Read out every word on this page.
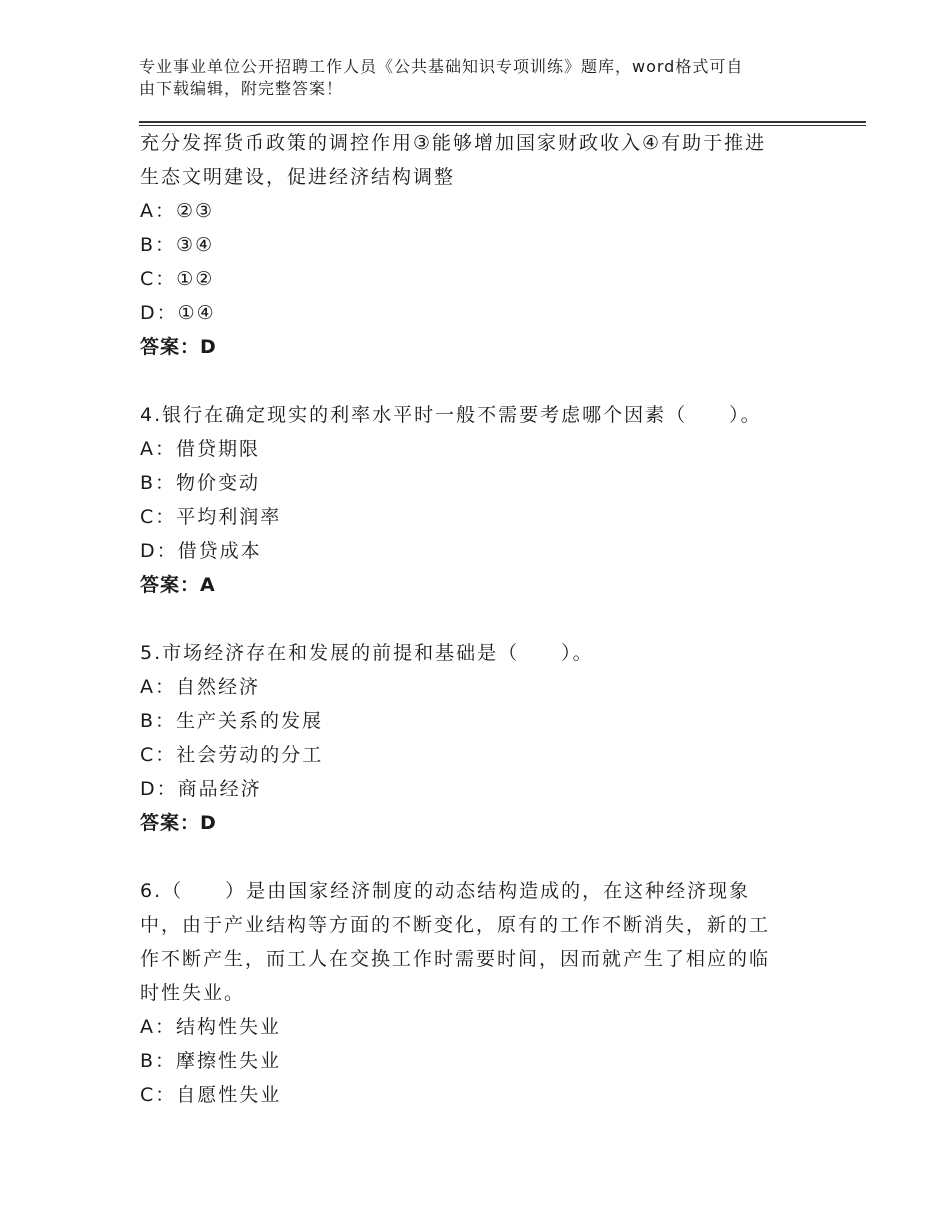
专业事业单位公开招聘工作人员《公共基础知识专项训练》题库，word格式可自
由下载编辑，附完整答案！
充分发挥货币政策的调控作用③能够增加国家财政收入④有助于推进
生态文明建设，促进经济结构调整
A：②③
B：③④
C：①②
D：①④
答案：D
4.银行在确定现实的利率水平时一般不需要考虑哪个因素（　　）。
A：借贷期限
B：物价变动
C：平均利润率
D：借贷成本
答案：A
5.市场经济存在和发展的前提和基础是（　　）。
A：自然经济
B：生产关系的发展
C：社会劳动的分工
D：商品经济
答案：D
6.（　　）是由国家经济制度的动态结构造成的，在这种经济现象
中，由于产业结构等方面的不断变化，原有的工作不断消失，新的工
作不断产生，而工人在交换工作时需要时间，因而就产生了相应的临
时性失业。
A：结构性失业
B：摩擦性失业
C：自愿性失业
